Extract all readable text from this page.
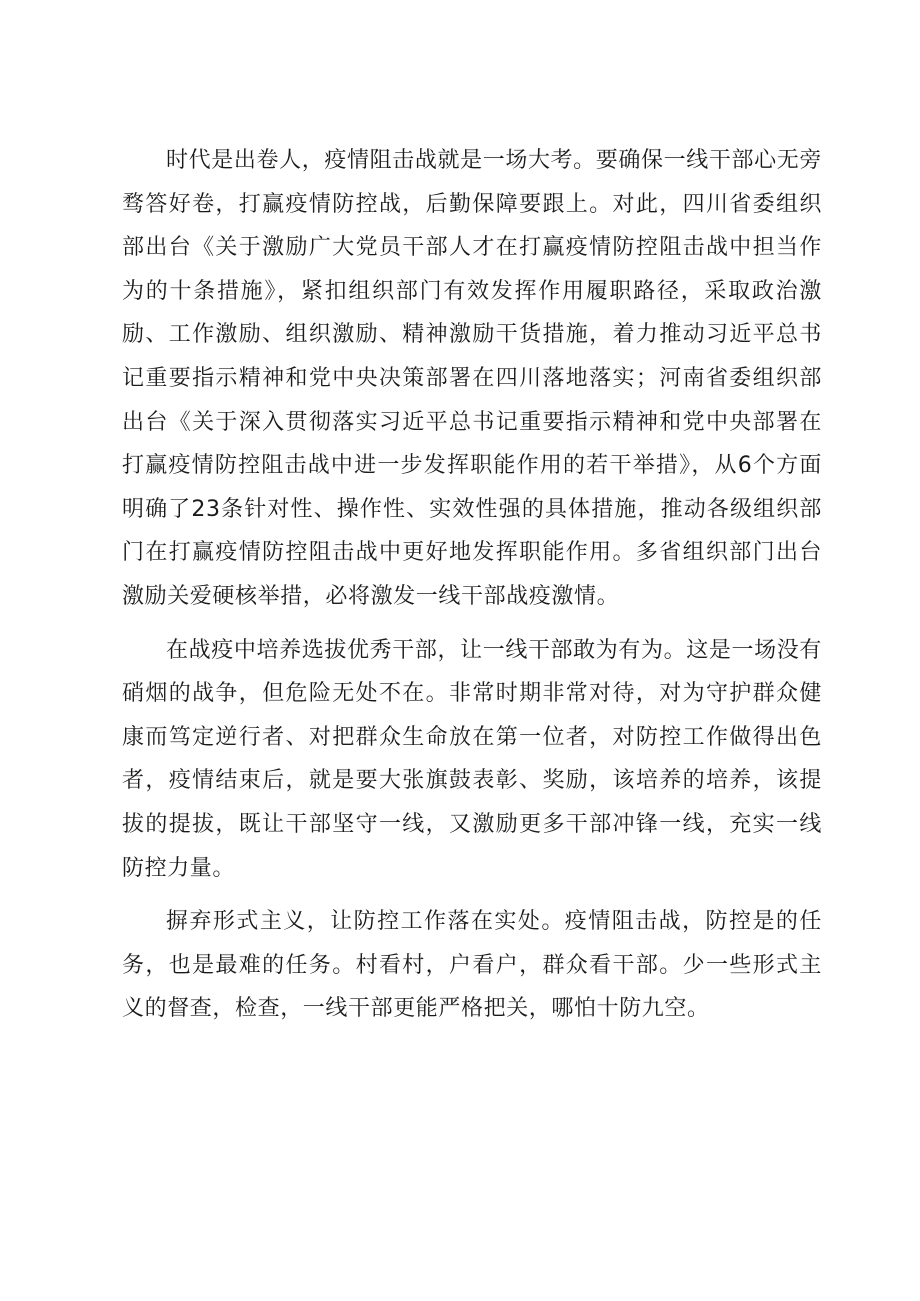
时代是出卷人，疫情阻击战就是一场大考。要确保一线干部心无旁骛答好卷，打赢疫情防控战，后勤保障要跟上。对此，四川省委组织部出台《关于激励广大党员干部人才在打赢疫情防控阻击战中担当作为的十条措施》，紧扣组织部门有效发挥作用履职路径，采取政治激励、工作激励、组织激励、精神激励干货措施，着力推动习近平总书记重要指示精神和党中央决策部署在四川落地落实；河南省委组织部出台《关于深入贯彻落实习近平总书记重要指示精神和党中央部署在打赢疫情防控阻击战中进一步发挥职能作用的若干举措》，从6个方面明确了23条针对性、操作性、实效性强的具体措施，推动各级组织部门在打赢疫情防控阻击战中更好地发挥职能作用。多省组织部门出台激励关爱硬核举措，必将激发一线干部战疫激情。

在战疫中培养选拔优秀干部，让一线干部敢为有为。这是一场没有硝烟的战争，但危险无处不在。非常时期非常对待，对为守护群众健康而笃定逆行者、对把群众生命放在第一位者，对防控工作做得出色者，疫情结束后，就是要大张旗鼓表彰、奖励，该培养的培养，该提拔的提拔，既让干部坚守一线，又激励更多干部冲锋一线，充实一线防控力量。

摒弃形式主义，让防控工作落在实处。疫情阻击战，防控是的任务，也是最难的任务。村看村，户看户，群众看干部。少一些形式主义的督查，检查，一线干部更能严格把关，哪怕十防九空。
